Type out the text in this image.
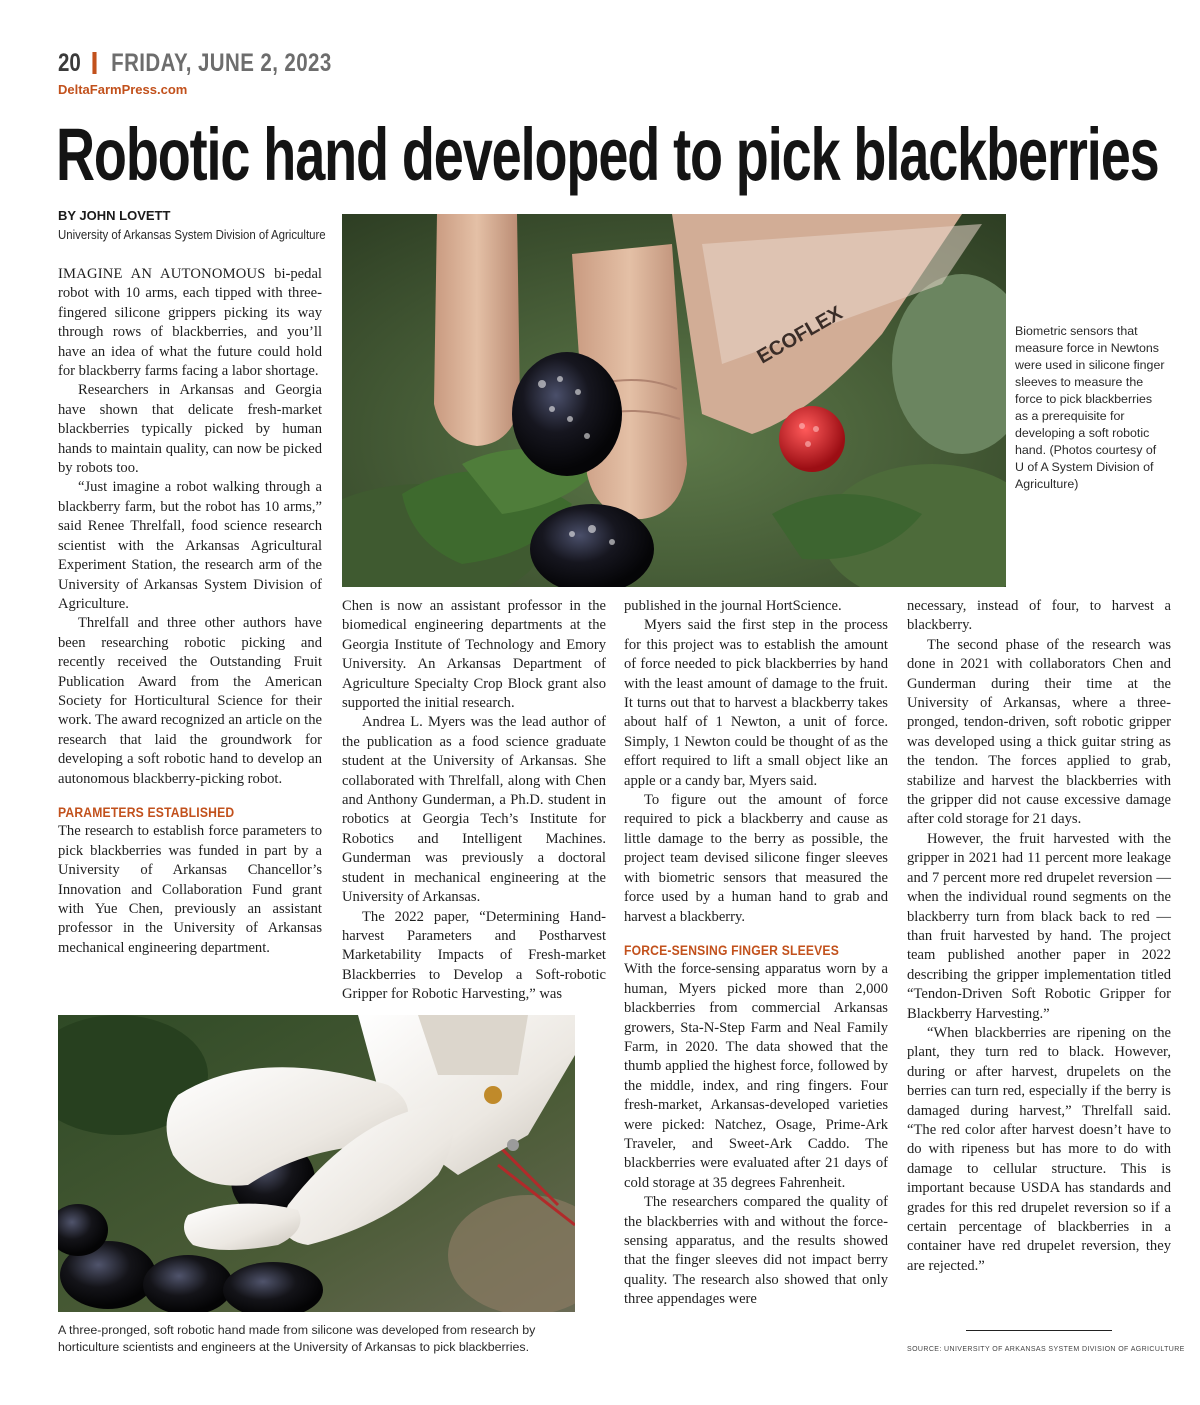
20 FRIDAY, JUNE 2, 2023
DeltaFarmPress.com
Robotic hand developed to pick blackberries
BY JOHN LOVETT
University of Arkansas System Division of Agriculture

IMAGINE AN AUTONOMOUS bi-pedal robot with 10 arms, each tipped with three-fingered silicone grippers picking its way through rows of blackberries, and you’ll have an idea of what the future could hold for blackberry farms facing a labor shortage.

Researchers in Arkansas and Georgia have shown that delicate fresh-market blackberries typically picked by human hands to maintain quality, can now be picked by robots too.

“Just imagine a robot walking through a blackberry farm, but the robot has 10 arms,” said Renee Threlfall, food science research scientist with the Arkansas Agricultural Experiment Station, the research arm of the University of Arkansas System Division of Agriculture.

Threlfall and three other authors have been researching robotic picking and recently received the Outstanding Fruit Publication Award from the American Society for Horticultural Science for their work. The award recognized an article on the research that laid the groundwork for developing a soft robotic hand to develop an autonomous blackberry-picking robot.

PARAMETERS ESTABLISHED

The research to establish force parameters to pick blackberries was funded in part by a University of Arkansas Chancellor’s Innovation and Collaboration Fund grant with Yue Chen, previously an assistant professor in the University of Arkansas mechanical engineering department.

ECOFLEX	Biometric sensors that measure force in Newtons were used in silicone finger sleeves to measure the force to pick blackberries as a prerequisite for developing a soft robotic hand. (Photos courtesy of U of A System Division of Agriculture)

Chen is now an assistant professor in the biomedical engineering departments at the Georgia Institute of Technology and Emory University. An Arkansas Department of Agriculture Specialty Crop Block grant also supported the initial research.

Andrea L. Myers was the lead author of the publication as a food science graduate student at the University of Arkansas. She collaborated with Threlfall, along with Chen and Anthony Gunderman, a Ph.D. student in robotics at Georgia Tech’s Institute for Robotics and Intelligent Machines. Gunderman was previously a doctoral student in mechanical engineering at the University of Arkansas.

The 2022 paper, “Determining Hand-harvest Parameters and Postharvest Marketability Impacts of Fresh-market Blackberries to Develop a Soft-robotic Gripper for Robotic Harvesting,” was

published in the journal HortScience.

Myers said the first step in the process for this project was to establish the amount of force needed to pick blackberries by hand with the least amount of damage to the fruit. It turns out that to harvest a blackberry takes about half of 1 Newton, a unit of force. Simply, 1 Newton could be thought of as the effort required to lift a small object like an apple or a candy bar, Myers said.

To figure out the amount of force required to pick a blackberry and cause as little damage to the berry as possible, the project team devised silicone finger sleeves with biometric sensors that measured the force used by a human hand to grab and harvest a blackberry.

FORCE-SENSING FINGER SLEEVES

With the force-sensing apparatus worn by a human, Myers picked more than 2,000 blackberries from commercial Arkansas growers, Sta-N-Step Farm and Neal Family Farm, in 2020. The data showed that the thumb applied the highest force, followed by the middle, index, and ring fingers. Four fresh-market, Arkansas-developed varieties were picked: Natchez, Osage, Prime-Ark Traveler, and Sweet-Ark Caddo. The blackberries were evaluated after 21 days of cold storage at 35 degrees Fahrenheit.

The researchers compared the quality of the blackberries with and without the force-sensing apparatus, and the results showed that the finger sleeves did not impact berry quality. The research also showed that only three appendages were

necessary, instead of four, to harvest a blackberry.

The second phase of the research was done in 2021 with collaborators Chen and Gunderman during their time at the University of Arkansas, where a three-pronged, tendon-driven, soft robotic gripper was developed using a thick guitar string as the tendon. The forces applied to grab, stabilize and harvest the blackberries with the gripper did not cause excessive damage after cold storage for 21 days.

However, the fruit harvested with the gripper in 2021 had 11 percent more leakage and 7 percent more red drupelet reversion — when the individual round segments on the blackberry turn from black back to red — than fruit harvested by hand. The project team published another paper in 2022 describing the gripper implementation titled “Tendon-Driven Soft Robotic Gripper for Blackberry Harvesting.”

“When blackberries are ripening on the plant, they turn red to black. However, during or after harvest, drupelets on the berries can turn red, especially if the berry is damaged during harvest,” Threlfall said. “The red color after harvest doesn’t have to do with ripeness but has more to do with damage to cellular structure. This is important because USDA has standards and grades for this red drupelet reversion so if a certain percentage of blackberries in a container have red drupelet reversion, they are rejected.”

SOURCE: UNIVERSITY OF ARKANSAS SYSTEM DIVISION OF AGRICULTURE
A three-pronged, soft robotic hand made from silicone was developed from research by horticulture scientists and engineers at the University of Arkansas to pick blackberries.
